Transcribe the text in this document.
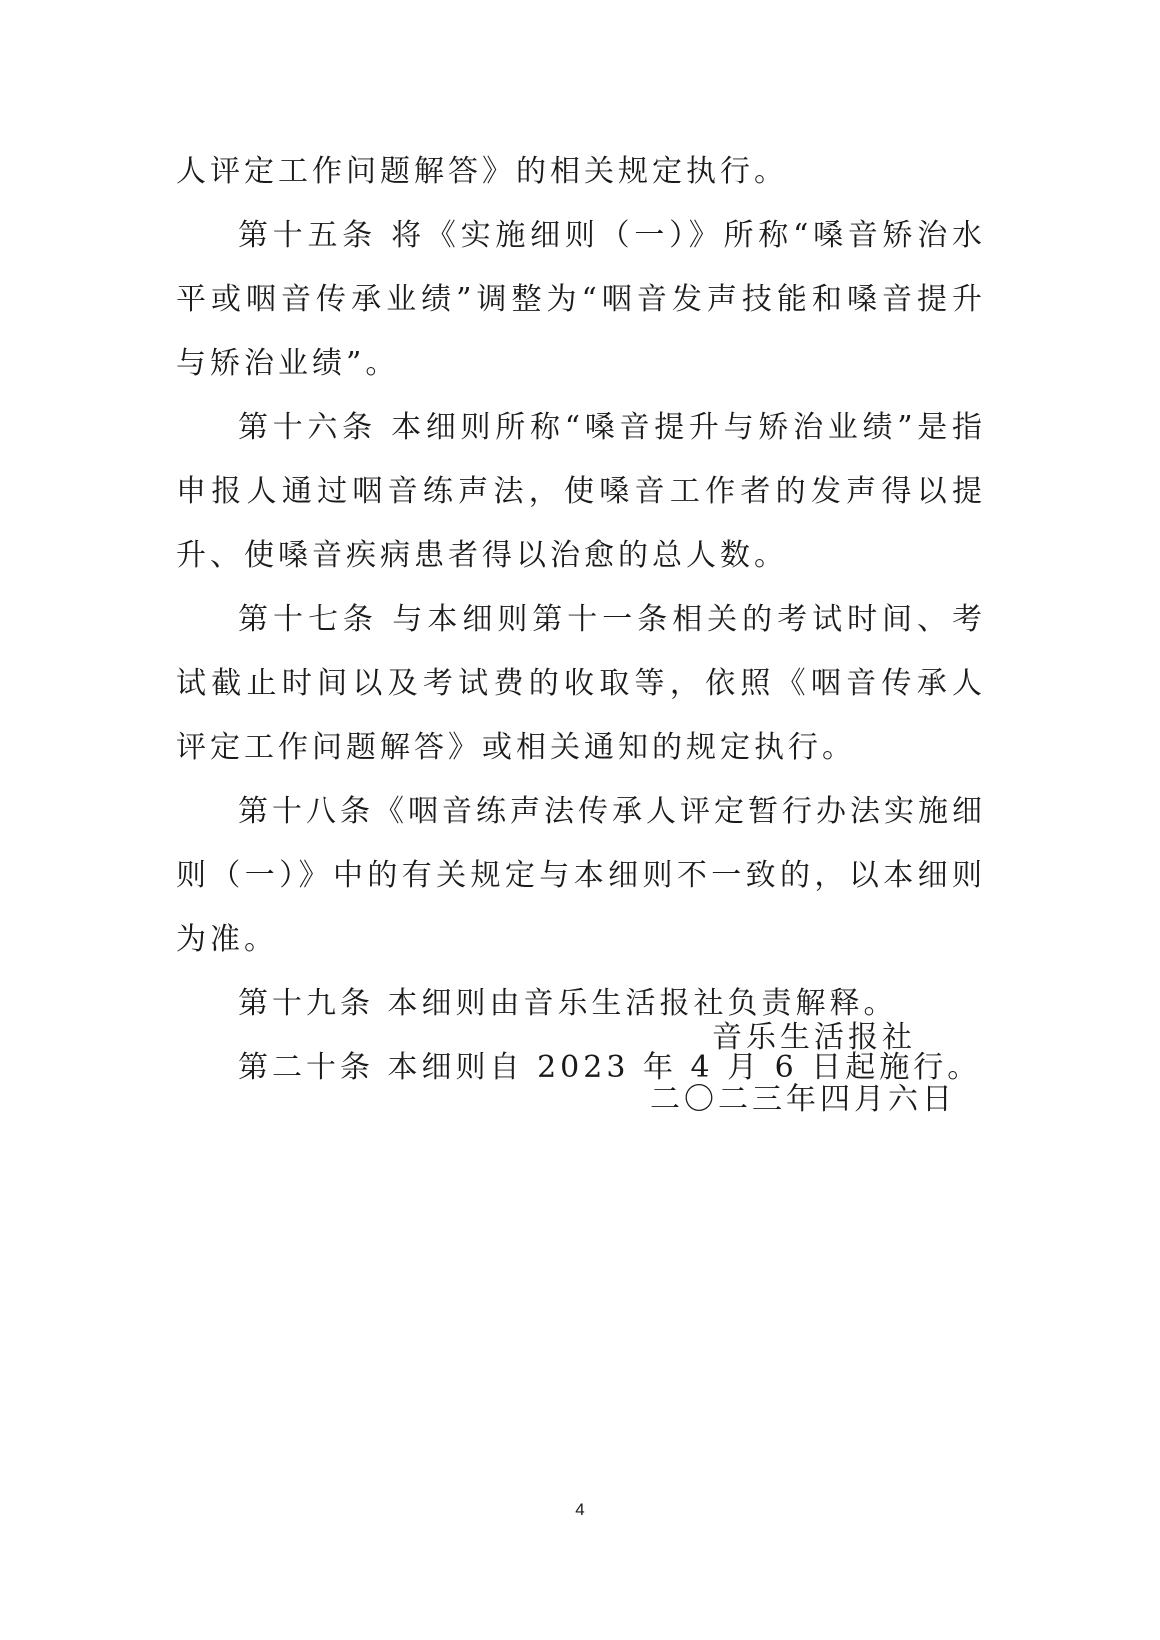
人评定工作问题解答》的相关规定执行。

第十五条 将《实施细则（一）》所称“嗓音矫治水平或咽音传承业绩”调整为“咽音发声技能和嗓音提升与矫治业绩”。

第十六条 本细则所称“嗓音提升与矫治业绩”是指申报人通过咽音练声法，使嗓音工作者的发声得以提升、使嗓音疾病患者得以治愈的总人数。

第十七条 与本细则第十一条相关的考试时间、考试截止时间以及考试费的收取等，依照《咽音传承人评定工作问题解答》或相关通知的规定执行。

第十八条《咽音练声法传承人评定暂行办法实施细则（一）》中的有关规定与本细则不一致的，以本细则为准。

第十九条 本细则由音乐生活报社负责解释。

第二十条 本细则自 2023 年 4 月 6 日起施行。

音乐生活报社
二〇二三年四月六日
4
